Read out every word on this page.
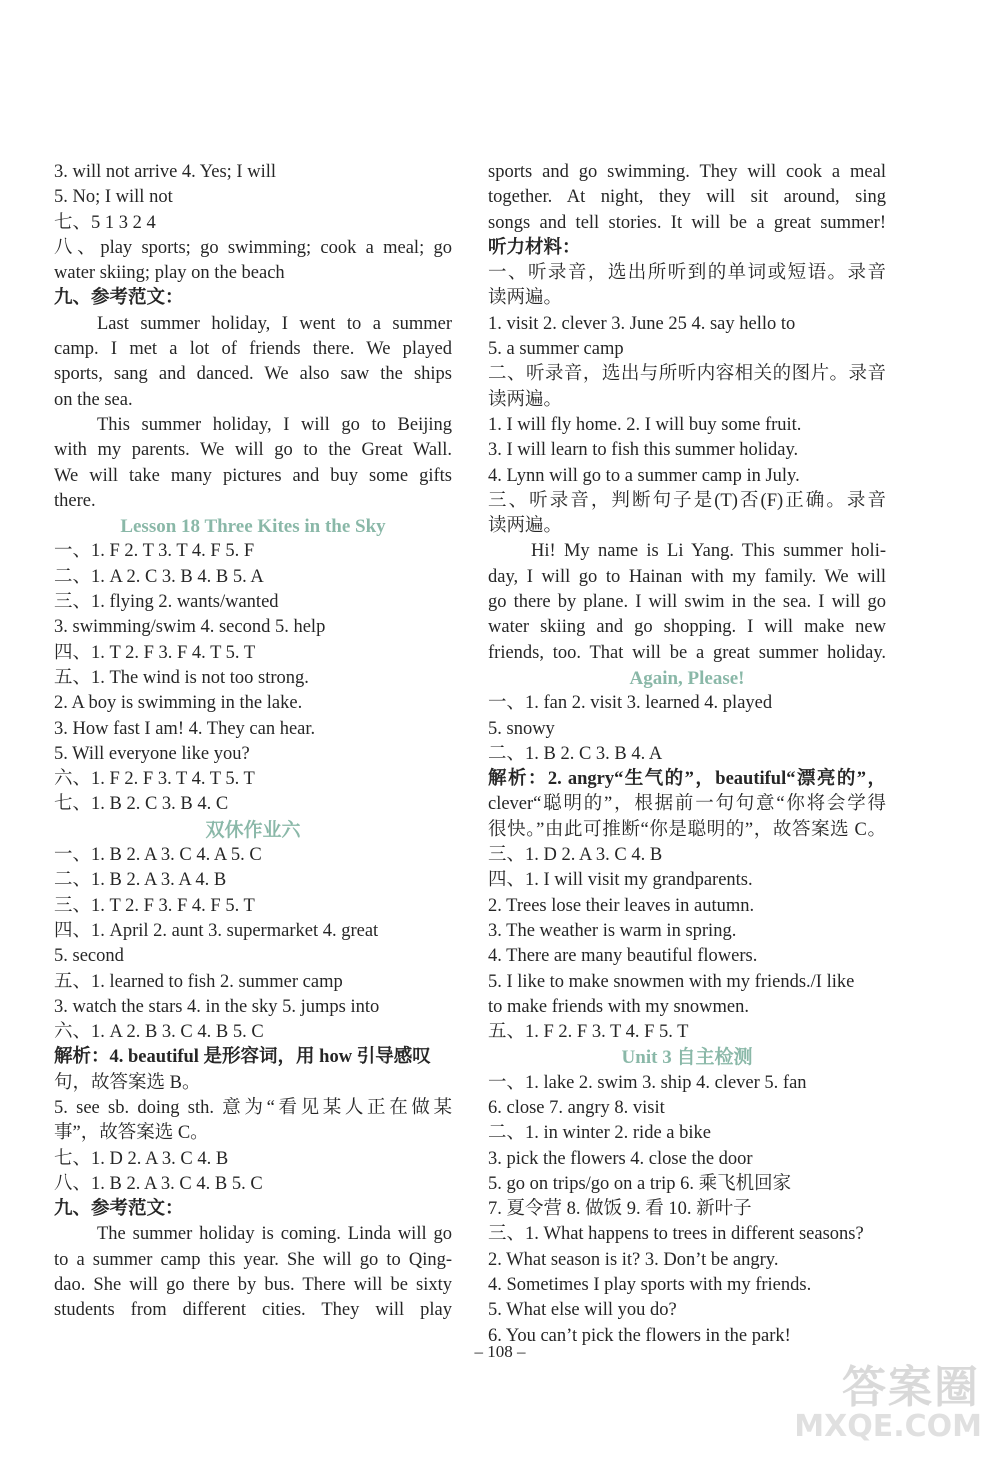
3. will not arrive 4. Yes; I will
5. No; I will not
七、5 1 3 2 4
八、play sports; go swimming; cook a meal; go
water skiing; play on the beach
九、参考范文：
Last summer holiday, I went to a summer
camp. I met a lot of friends there. We played
sports, sang and danced. We also saw the ships
on the sea.
This summer holiday, I will go to Beijing
with my parents. We will go to the Great Wall.
We will take many pictures and buy some gifts
there.
Lesson 18 Three Kites in the Sky
一、1. F 2. T 3. T 4. F 5. F
二、1. A 2. C 3. B 4. B 5. A
三、1. flying 2. wants/wanted
3. swimming/swim 4. second 5. help
四、1. T 2. F 3. F 4. T 5. T
五、1. The wind is not too strong.
2. A boy is swimming in the lake.
3. How fast I am! 4. They can hear.
5. Will everyone like you?
六、1. F 2. F 3. T 4. T 5. T
七、1. B 2. C 3. B 4. C
双休作业六
一、1. B 2. A 3. C 4. A 5. C
二、1. B 2. A 3. A 4. B
三、1. T 2. F 3. F 4. F 5. T
四、1. April 2. aunt 3. supermarket 4. great
5. second
五、1. learned to fish 2. summer camp
3. watch the stars 4. in the sky 5. jumps into
六、1. A 2. B 3. C 4. B 5. C
解析：4. beautiful 是形容词，用 how 引导感叹
句，故答案选 B。
5. see sb. doing sth. 意为“看见某人正在做某
事”，故答案选 C。
七、1. D 2. A 3. C 4. B
八、1. B 2. A 3. C 4. B 5. C
九、参考范文：
The summer holiday is coming. Linda will go
to a summer camp this year. She will go to Qing-
dao. She will go there by bus. There will be sixty
students from different cities. They will play
sports and go swimming. They will cook a meal
together. At night, they will sit around, sing
songs and tell stories. It will be a great summer!
听力材料：
一、听录音，选出所听到的单词或短语。录音
读两遍。
1. visit 2. clever 3. June 25 4. say hello to
5. a summer camp
二、听录音，选出与所听内容相关的图片。录音
读两遍。
1. I will fly home. 2. I will buy some fruit.
3. I will learn to fish this summer holiday.
4. Lynn will go to a summer camp in July.
三、听录音，判断句子是(T)否(F)正确。录音
读两遍。
Hi! My name is Li Yang. This summer holi-
day, I will go to Hainan with my family. We will
go there by plane. I will swim in the sea. I will go
water skiing and go shopping. I will make new
friends, too. That will be a great summer holiday.
Again, Please!
一、1. fan 2. visit 3. learned 4. played
5. snowy
二、1. B 2. C 3. B 4. A
解析：2. angry“生气的”，beautiful“漂亮的”，
clever“聪明的”，根据前一句句意“你将会学得
很快。”由此可推断“你是聪明的”，故答案选 C。
三、1. D 2. A 3. C 4. B
四、1. I will visit my grandparents.
2. Trees lose their leaves in autumn.
3. The weather is warm in spring.
4. There are many beautiful flowers.
5. I like to make snowmen with my friends./I like
to make friends with my snowmen.
五、1. F 2. F 3. T 4. F 5. T
Unit 3 自主检测
一、1. lake 2. swim 3. ship 4. clever 5. fan
6. close 7. angry 8. visit
二、1. in winter 2. ride a bike
3. pick the flowers 4. close the door
5. go on trips/go on a trip 6. 乘飞机回家
7. 夏令营 8. 做饭 9. 看 10. 新叶子
三、1. What happens to trees in different seasons?
2. What season is it? 3. Don’t be angry.
4. Sometimes I play sports with my friends.
5. What else will you do?
6. You can’t pick the flowers in the park!
– 108 –
答案圈
MXQE.COM
